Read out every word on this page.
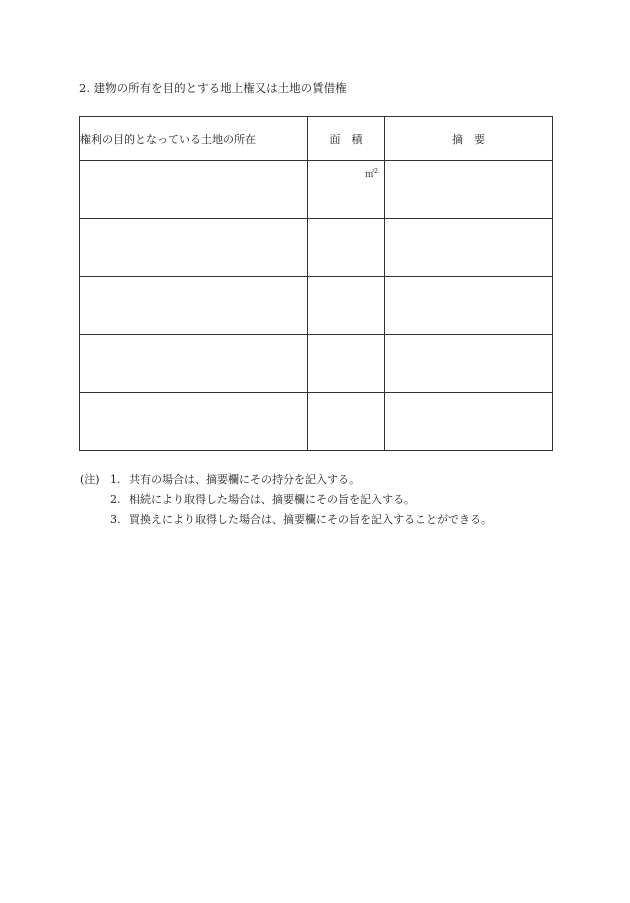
2. 建物の所有を目的とする地上権又は土地の賃借権
権利の目的となっている土地の所在	面　積	摘　要

	㎡$^2$

(注) 1. 共有の場合は、摘要欄にその持分を記入する。
2. 相続により取得した場合は、摘要欄にその旨を記入する。
3. 買換えにより取得した場合は、摘要欄にその旨を記入することができる。
